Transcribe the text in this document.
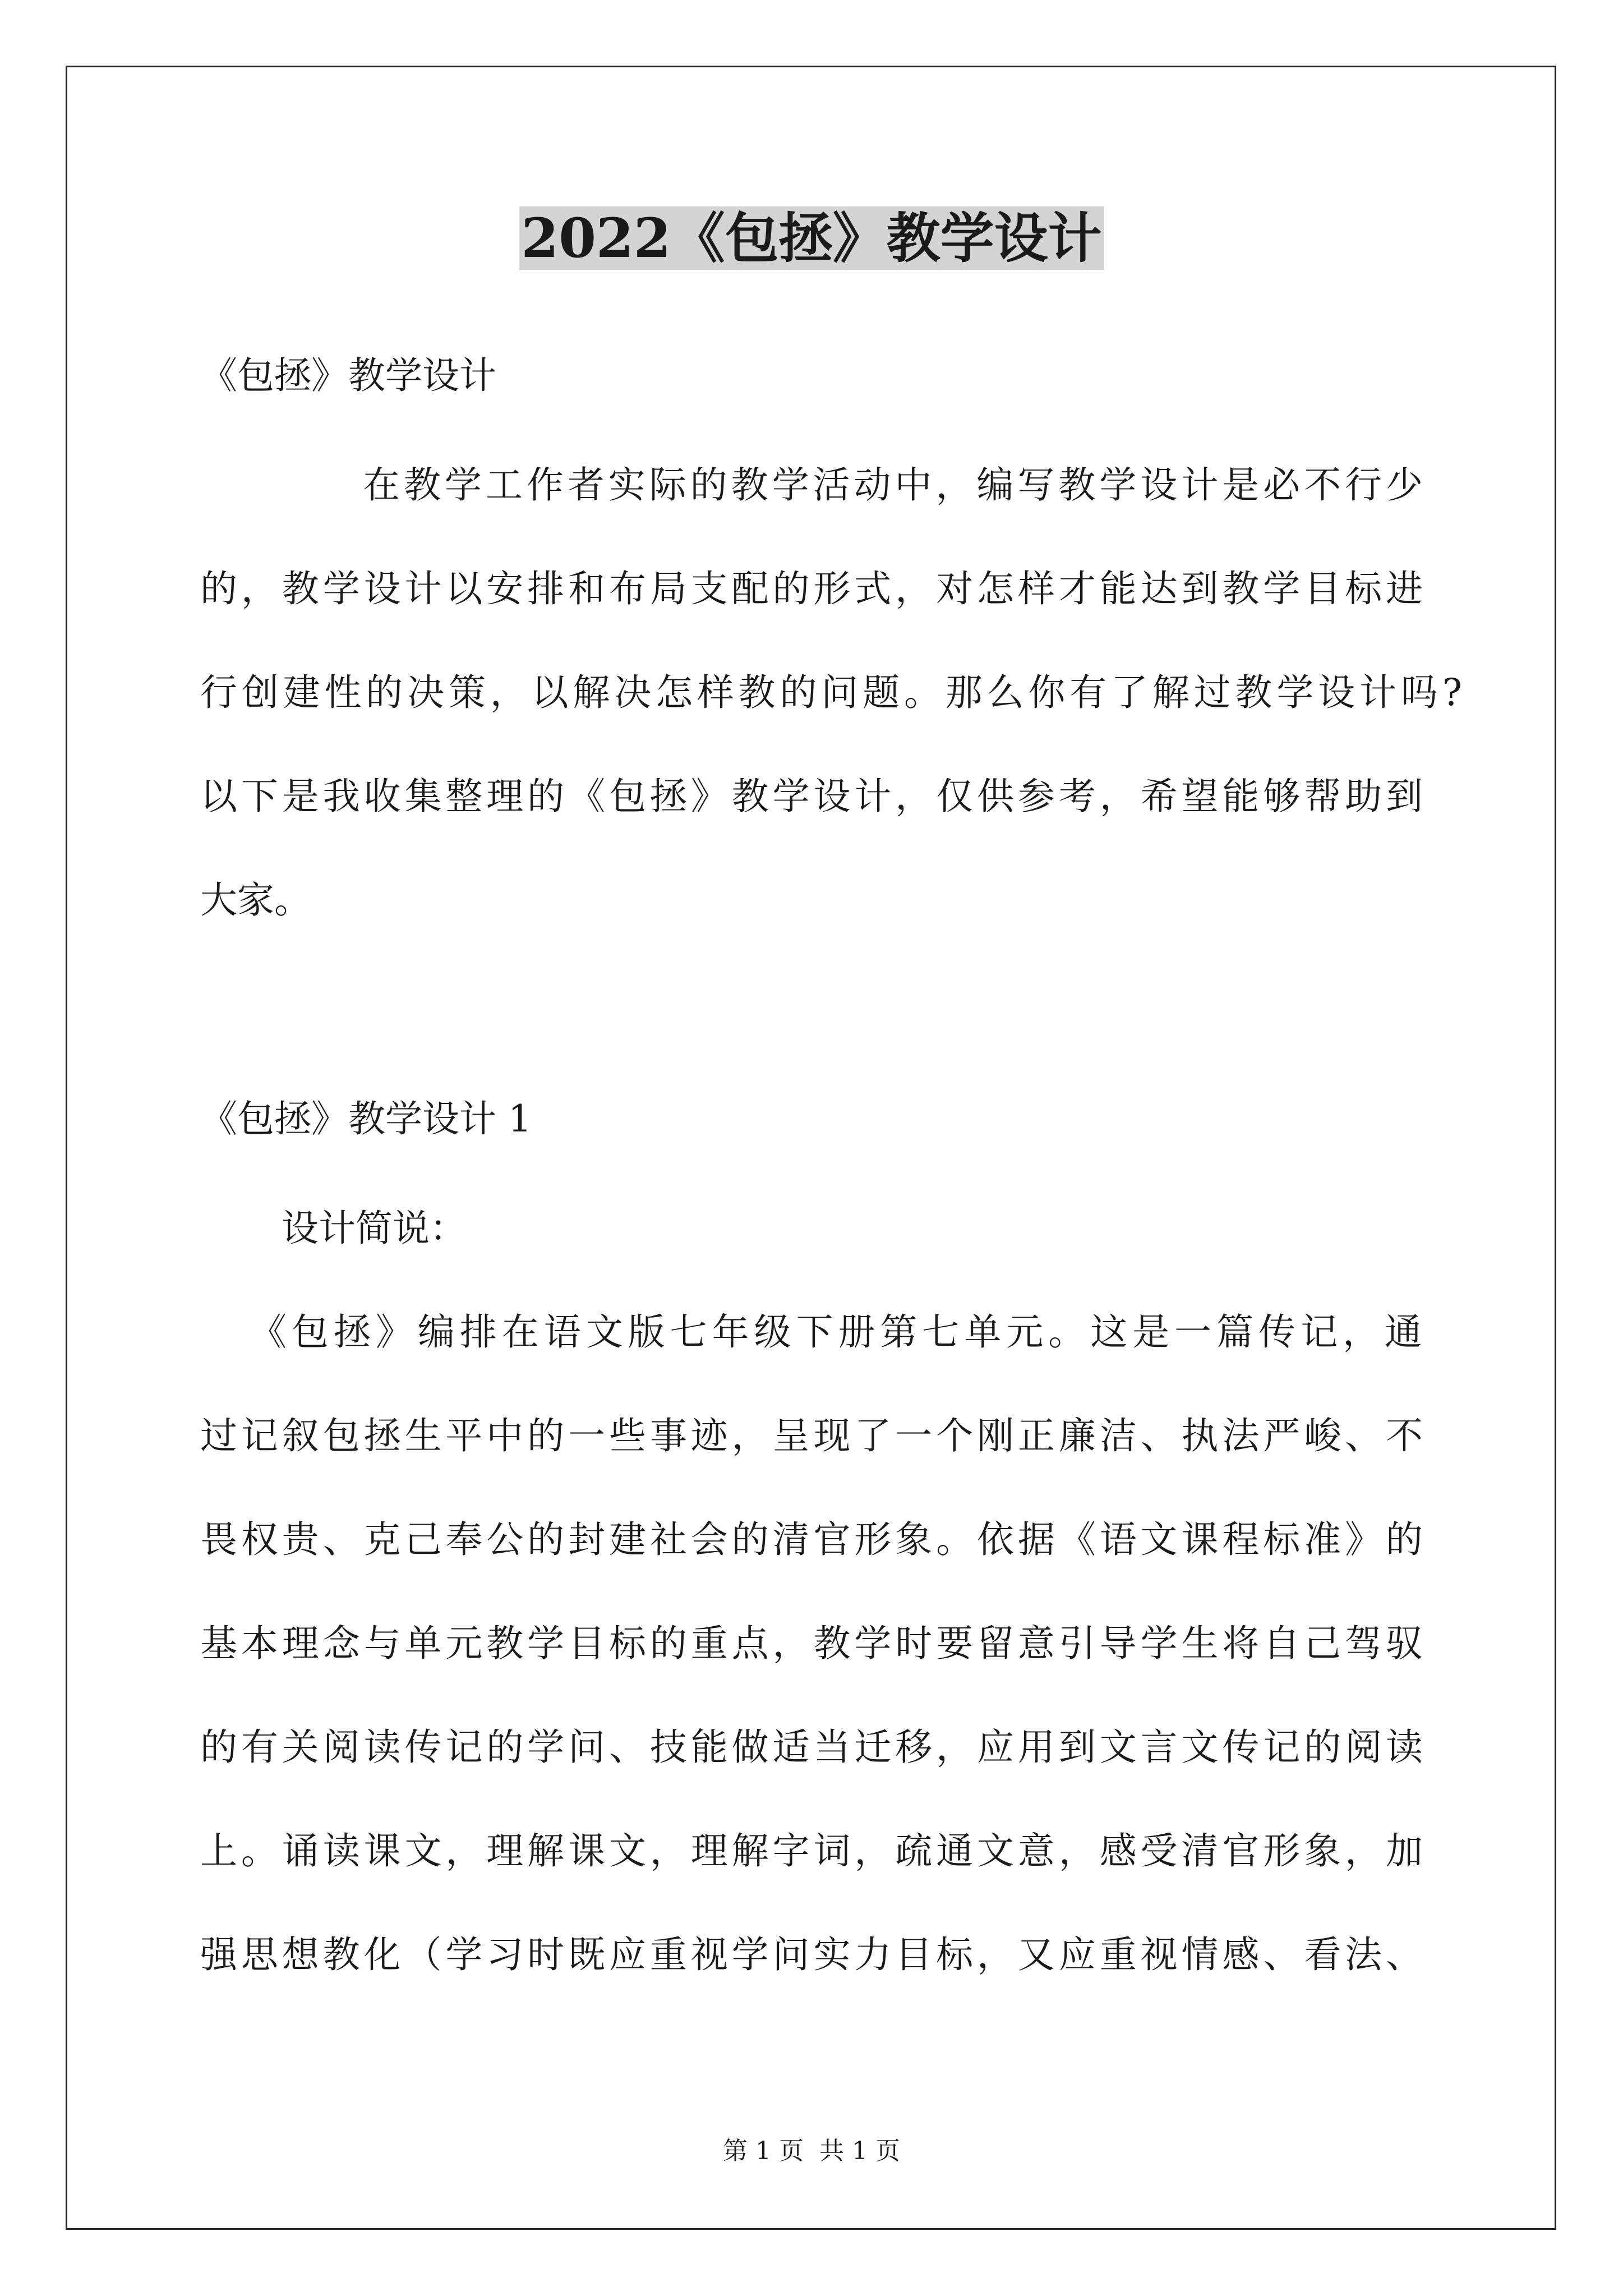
2022《包拯》教学设计

《包拯》教学设计

在教学工作者实际的教学活动中，编写教学设计是必不行少

的，教学设计以安排和布局支配的形式，对怎样才能达到教学目标进

行创建性的决策，以解决怎样教的问题。那么你有了解过教学设计吗?

以下是我收集整理的《包拯》教学设计，仅供参考，希望能够帮助到

大家。

《包拯》教学设计 1

设计简说：

《包拯》编排在语文版七年级下册第七单元。这是一篇传记，通

过记叙包拯生平中的一些事迹，呈现了一个刚正廉洁、执法严峻、不

畏权贵、克己奉公的封建社会的清官形象。依据《语文课程标准》的

基本理念与单元教学目标的重点，教学时要留意引导学生将自己驾驭

的有关阅读传记的学问、技能做适当迁移，应用到文言文传记的阅读

上。诵读课文，理解课文，理解字词，疏通文意，感受清官形象，加

强思想教化（学习时既应重视学问实力目标，又应重视情感、看法、

第 1 页 共 1 页
